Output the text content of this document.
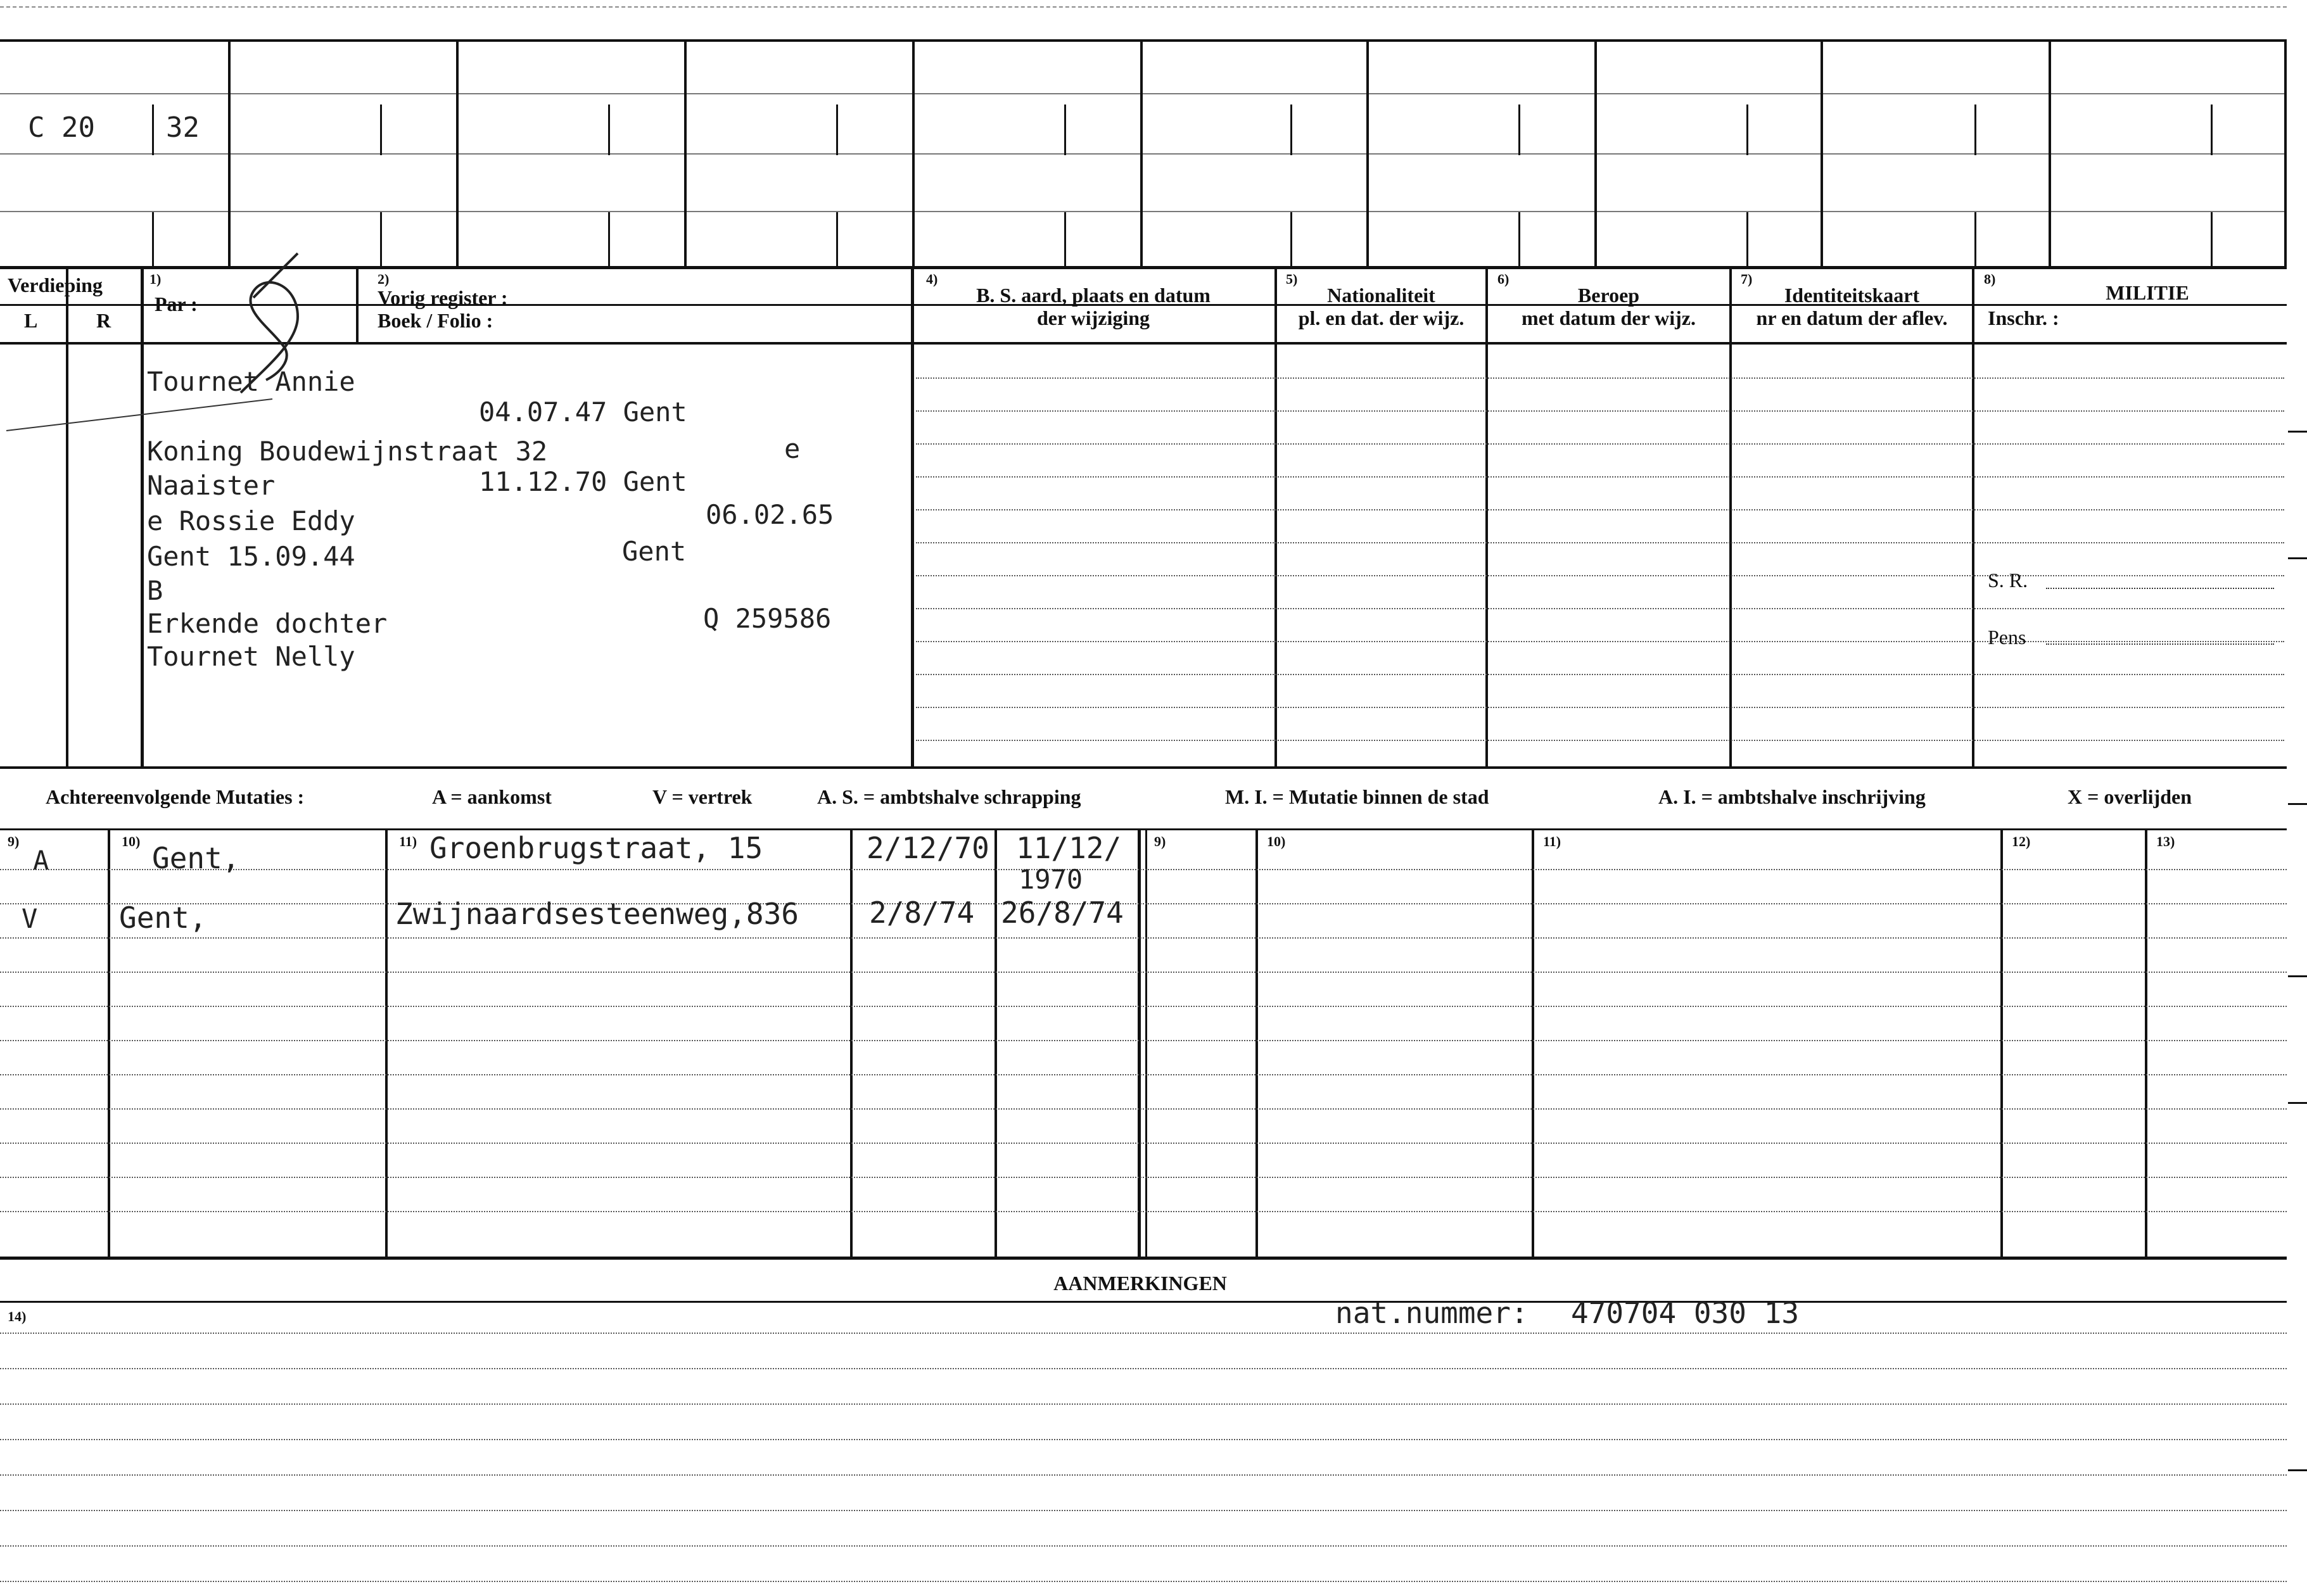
C 20	32
Verdieping
L	R
1)
Par :
2)
Vorig register :
Boek / Folio :
4)
B. S. aard, plaats en datum
der wijziging
5)
Nationaliteit
pl. en dat. der wijz.
6)
Beroep
met datum der wijz.
7)
Identiteitskaart
nr en datum der aflev.
8)
MILITIE
Inschr. :
S. R.
Pens
Tournet Annie
04.07.47 Gent
Koning Boudewijnstraat 32	e
Naaister	11.12.70 Gent
e Rossie Eddy	06.02.65
Gent 15.09.44	Gent
B
Erkende dochter	Q 259586
Tournet Nelly
Achtereenvolgende Mutaties :	A = aankomst	V = vertrek	A. S. = ambtshalve schrapping	M. I. = Mutatie binnen de stad	A. I. = ambtshalve inschrijving	X = overlijden
9)	10)	11)	9)	10)	11)	12)	13)
A	Gent,	Groenbrugstraat, 15	2/12/70 11/12/
1970
V	Gent,	Zwijnaardsesteenweg,836 2/8/74 26/8/74
AANMERKINGEN
14)	nat.nummer: 470704 030 13
